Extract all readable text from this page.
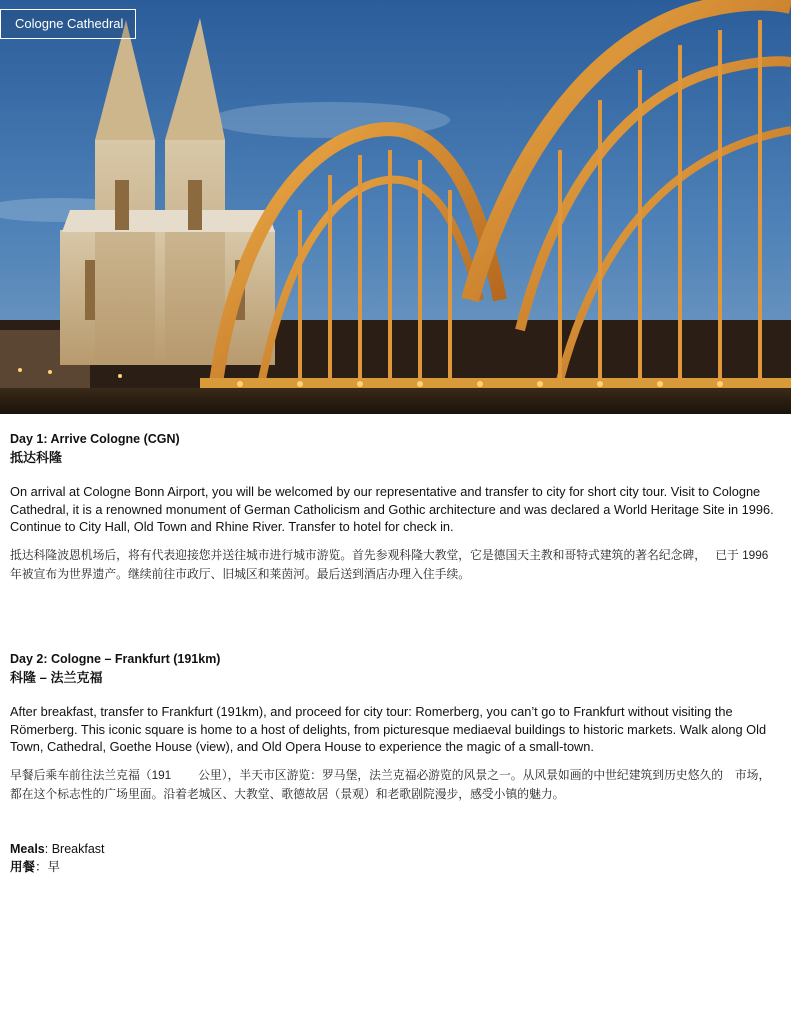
Cologne Cathedral
Day 1: Arrive Cologne (CGN)
抵达科隆
On arrival at Cologne Bonn Airport, you will be welcomed by our representative and transfer to city for short city tour. Visit to Cologne Cathedral, it is a renowned monument of German Catholicism and Gothic architecture and was declared a World Heritage Site in 1996. Continue to City Hall, Old Town and Rhine River. Transfer to hotel for check in.
抵达科隆波恩机场后，将有代表迎接您并送往城市进行城市游览。首先参观科隆大教堂，它是德国天主教和哥特式建筑的著名纪念碑，　 已于 1996　年被宣布为世界遗产。继续前往市政厅、旧城区和莱茵河。最后送到酒店办理入住手续。
Day 2: Cologne – Frankfurt (191km)
科隆 – 法兰克福
After breakfast, transfer to Frankfurt (191km), and proceed for city tour: Romerberg, you can’t go to Frankfurt without visiting the Römerberg. This iconic square is home to a host of delights, from picturesque mediaeval buildings to historic markets. Walk along Old Town, Cathedral, Goethe House (view), and Old Opera House to experience the magic of a small-town.
早餐后乘车前往法兰克福（191　　 公里），半天市区游览：罗马堡，法兰克福必游览的风景之一。从风景如画的中世纪建筑到历史悠久的　市场，都在这个标志性的广场里面。沿着老城区、大教堂、歌德故居（景观）和老歌剧院漫步，感受小镇的魅力。
Meals: Breakfast
用餐：早
